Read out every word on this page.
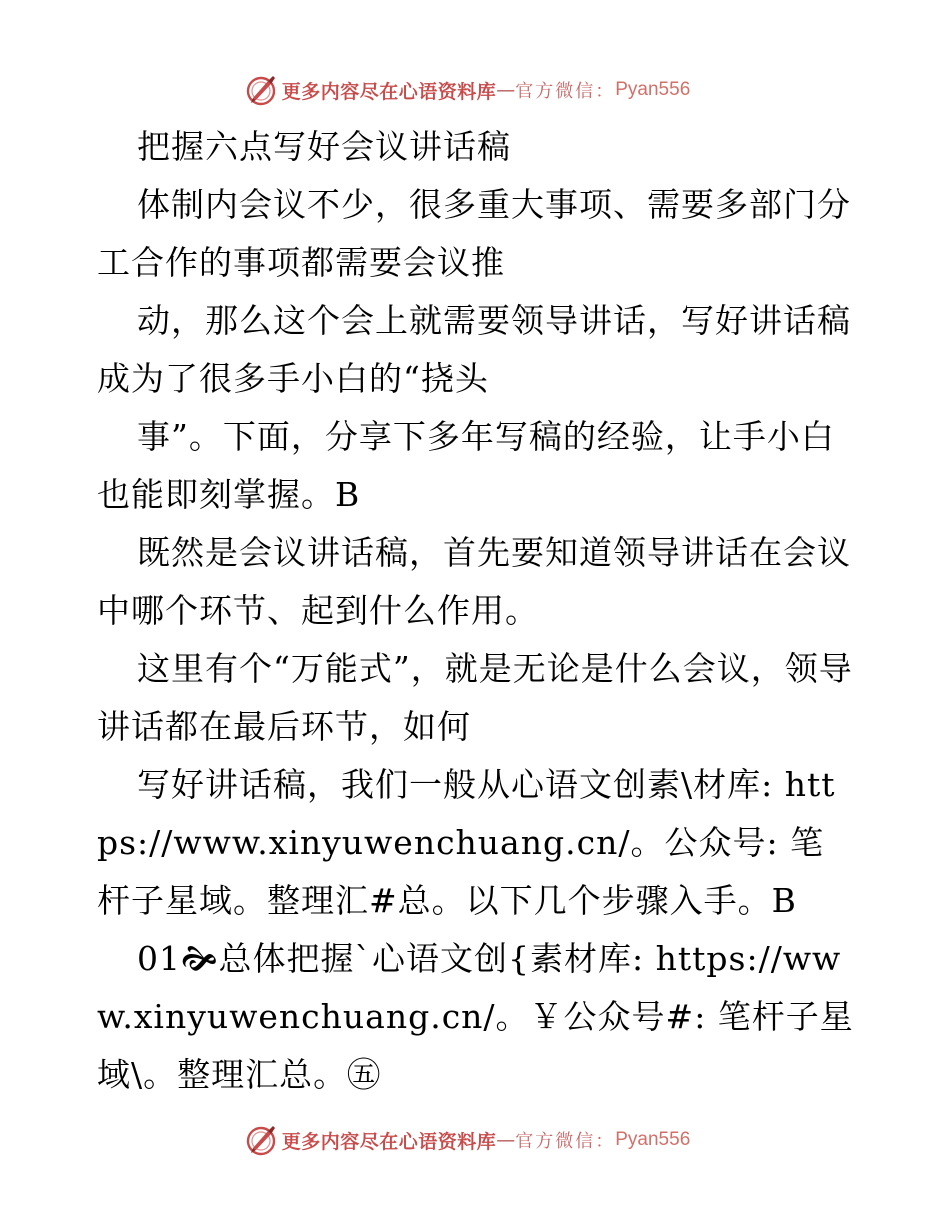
更多内容尽在心语资料库 — 官方微信： Pyan556

把握六点写好会议讲话稿

体制内会议不少，很多重大事项、需要多部门分工合作的事项都需要会议推

动，那么这个会上就需要领导讲话，写好讲话稿成为了很多手小白的“挠头

事”。下面，分享下多年写稿的经验，让手小白也能即刻掌握。B

既然是会议讲话稿，首先要知道领导讲话在会议中哪个环节、起到什么作用。

这里有个“万能式”，就是无论是什么会议，领导讲话都在最后环节，如何

写好讲话稿，我们一般从心语文创素\材库: https://www.xinyuwenchuang.cn/。公众号: 笔杆子星域。整理汇#总。以下几个步骤入手。B

01🙞总体把握`心语文创{素材库: https://www.xinyuwenchuang.cn/。￥公众号#: 笔杆子星域\。整理汇总。㊄

更多内容尽在心语资料库 — 官方微信： Pyan556
